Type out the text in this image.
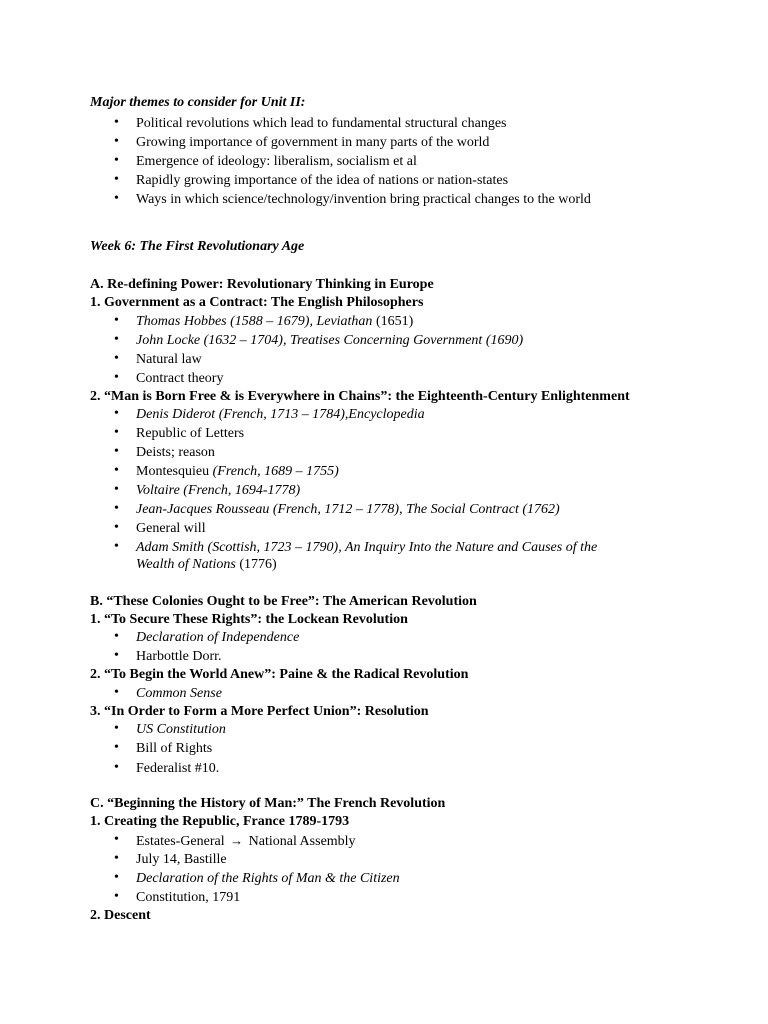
Major themes to consider for Unit II:
• Political revolutions which lead to fundamental structural changes
• Growing importance of government in many parts of the world
• Emergence of ideology: liberalism, socialism et al
• Rapidly growing importance of the idea of nations or nation-states
• Ways in which science/technology/invention bring practical changes to the world
Week 6: The First Revolutionary Age
A. Re-defining Power: Revolutionary Thinking in Europe
1. Government as a Contract: The English Philosophers
• Thomas Hobbes (1588 – 1679), Leviathan (1651)
• John Locke (1632 – 1704), Treatises Concerning Government (1690)
• Natural law
• Contract theory
2. “Man is Born Free & is Everywhere in Chains”: the Eighteenth-Century Enlightenment
• Denis Diderot (French, 1713 – 1784),Encyclopedia
• Republic of Letters
• Deists; reason
• Montesquieu (French, 1689 – 1755)
• Voltaire (French, 1694-1778)
• Jean-Jacques Rousseau (French, 1712 – 1778), The Social Contract (1762)
• General will
• Adam Smith (Scottish, 1723 – 1790), An Inquiry Into the Nature and Causes of the
Wealth of Nations (1776)
B. “These Colonies Ought to be Free”: The American Revolution
1. “To Secure These Rights”: the Lockean Revolution
• Declaration of Independence
• Harbottle Dorr.
2. “To Begin the World Anew”: Paine & the Radical Revolution
• Common Sense
3. “In Order to Form a More Perfect Union”: Resolution
• US Constitution
• Bill of Rights
• Federalist #10.
C. “Beginning the History of Man:” The French Revolution
1. Creating the Republic, France 1789-1793
• Estates-General → National Assembly
• July 14, Bastille
• Declaration of the Rights of Man & the Citizen
• Constitution, 1791
2. Descent
